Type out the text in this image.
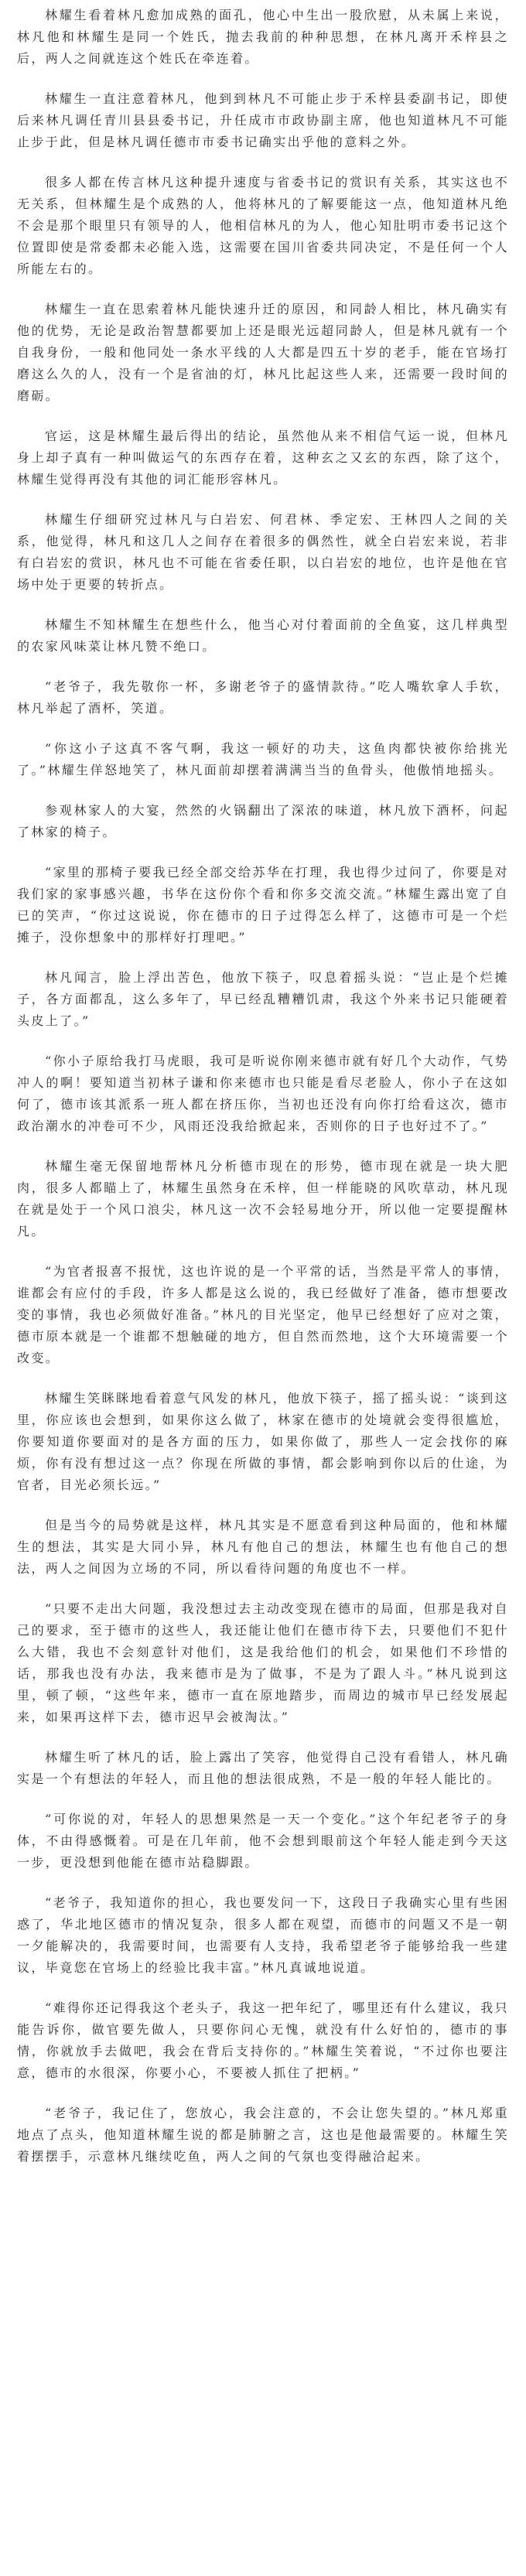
林耀生看着林凡愈加成熟的面孔，他心中生出一股欣慰，从未属上来说，林凡他和林耀生是同一个姓氏，抛去我前的种种思想，在林凡离开禾梓县之后，两人之间就连这个姓氏在牵连着。

林耀生一直注意着林凡，他到到林凡不可能止步于禾梓县委副书记，即使后来林凡调任青川县县委书记，升任成市市政协副主席，他也知道林凡不可能止步于此，但是林凡调任德市市委书记确实出乎他的意料之外。

很多人都在传言林凡这种提升速度与省委书记的赏识有关系，其实这也不无关系，但林耀生是个成熟的人，他将林凡的了解要能这一点，他知道林凡绝不会是那个眼里只有领导的人，他相信林凡的为人，他心知肚明市委书记这个位置即使是常委都未必能入选，这需要在国川省委共同决定，不是任何一个人所能左右的。

林耀生一直在思索着林凡能快速升迁的原因，和同龄人相比，林凡确实有他的优势，无论是政治智慧都要加上还是眼光远超同龄人，但是林凡就有一个自我身份，一般和他同处一条水平线的人大都是四五十岁的老手，能在官场打磨这么久的人，没有一个是省油的灯，林凡比起这些人来，还需要一段时间的磨砺。

官运，这是林耀生最后得出的结论，虽然他从来不相信气运一说，但林凡身上却子真有一种叫做运气的东西存在着，这种玄之又玄的东西，除了这个，林耀生觉得再没有其他的词汇能形容林凡。

林耀生仔细研究过林凡与白岩宏、何君林、季定宏、王林四人之间的关系，他觉得，林凡和这几人之间存在着很多的偶然性，就全白岩宏来说，若非有白岩宏的赏识，林凡也不可能在省委任职，以白岩宏的地位，也许是他在官场中处于更要的转折点。

林耀生不知林耀生在想些什么，他当心对付着面前的全鱼宴，这几样典型的农家风味菜让林凡赞不绝口。

“老爷子，我先敬你一杯，多谢老爷子的盛情款待。”吃人嘴软拿人手软，林凡举起了酒杯，笑道。

“你这小子这真不客气啊，我这一顿好的功夫，这鱼肉都快被你给挑光了。”林耀生佯怒地笑了，林凡面前却摆着满满当当的鱼骨头，他傲悄地摇头。

参观林家人的大宴，然然的火锅翻出了深浓的味道，林凡放下酒杯，问起了林家的椅子。

“家里的那椅子要我已经全部交给苏华在打理，我也得少过问了，你要是对我们家的家事感兴趣，书华在这份你个看和你多交流交流。”林耀生露出宽了自已的笑声，“你过这说说，你在德市的日子过得怎么样了，这德市可是一个烂摊子，没你想象中的那样好打理吧。”

林凡闻言，脸上浮出苦色，他放下筷子，叹息着摇头说：“岂止是个烂摊子，各方面都乱，这么多年了，早已经乱糟糟饥肃，我这个外来书记只能硬着头皮上了。”

“你小子原给我打马虎眼，我可是听说你刚来德市就有好几个大动作，气势冲人的啊！要知道当初林子谦和你来德市也只能是看尽老脸人，你小子在这如何了，德市该其派系一班人都在挤压你，当初也还没有向你打给看这次，德市政治潮水的冲卷可不少，风雨还没我给掀起来，否则你的日子也好过不了。”

林耀生毫无保留地帮林凡分析德市现在的形势，德市现在就是一块大肥肉，很多人都瞄上了，林耀生虽然身在禾梓，但一样能晓的风吹草动，林凡现在就是处于一个风口浪尖，林凡这一次不会轻易地分开，所以他一定要提醒林凡。

“为官者报喜不报忧，这也许说的是一个平常的话，当然是平常人的事情，谁都会有应付的手段，许多人都是这么说的，我已经做好了准备，德市想要改变的事情，我也必须做好准备。”林凡的目光坚定，他早已经想好了应对之策，德市原本就是一个谁都不想触碰的地方，但自然而然地，这个大环境需要一个改变。

林耀生笑眯眯地看着意气风发的林凡，他放下筷子，摇了摇头说：“谈到这里，你应该也会想到，如果你这么做了，林家在德市的处境就会变得很尴尬，你要知道你要面对的是各方面的压力，如果你做了，那些人一定会找你的麻烦，你有没有想过这一点？你现在所做的事情，都会影响到你以后的仕途，为官者，目光必须长远。”

但是当今的局势就是这样，林凡其实是不愿意看到这种局面的，他和林耀生的想法，其实是大同小异，林凡有他自己的想法，林耀生也有他自己的想法，两人之间因为立场的不同，所以看待问题的角度也不一样。

“只要不走出大问题，我没想过去主动改变现在德市的局面，但那是我对自己的要求，至于德市的这些人，我还能让他们在德市待下去，只要他们不犯什么大错，我也不会刻意针对他们，这是我给他们的机会，如果他们不珍惜的话，那我也没有办法，我来德市是为了做事，不是为了跟人斗。”林凡说到这里，顿了顿，“这些年来，德市一直在原地踏步，而周边的城市早已经发展起来，如果再这样下去，德市迟早会被淘汰。”

林耀生听了林凡的话，脸上露出了笑容，他觉得自己没有看错人，林凡确实是一个有想法的年轻人，而且他的想法很成熟，不是一般的年轻人能比的。

“可你说的对，年轻人的思想果然是一天一个变化。”这个年纪老爷子的身体，不由得感慨着。可是在几年前，他不会想到眼前这个年轻人能走到今天这一步，更没想到他能在德市站稳脚跟。

“老爷子，我知道你的担心，我也要发问一下，这段日子我确实心里有些困惑了，华北地区德市的情况复杂，很多人都在观望，而德市的问题又不是一朝一夕能解决的，我需要时间，也需要有人支持，我希望老爷子能够给我一些建议，毕竟您在官场上的经验比我丰富。”林凡真诚地说道。

“难得你还记得我这个老头子，我这一把年纪了，哪里还有什么建议，我只能告诉你，做官要先做人，只要你问心无愧，就没有什么好怕的，德市的事情，你就放手去做吧，我会在背后支持你的。”林耀生笑着说，“不过你也要注意，德市的水很深，你要小心，不要被人抓住了把柄。”

“老爷子，我记住了，您放心，我会注意的，不会让您失望的。”林凡郑重地点了点头，他知道林耀生说的都是肺腑之言，这也是他最需要的。林耀生笑着摆摆手，示意林凡继续吃鱼，两人之间的气氛也变得融洽起来。
